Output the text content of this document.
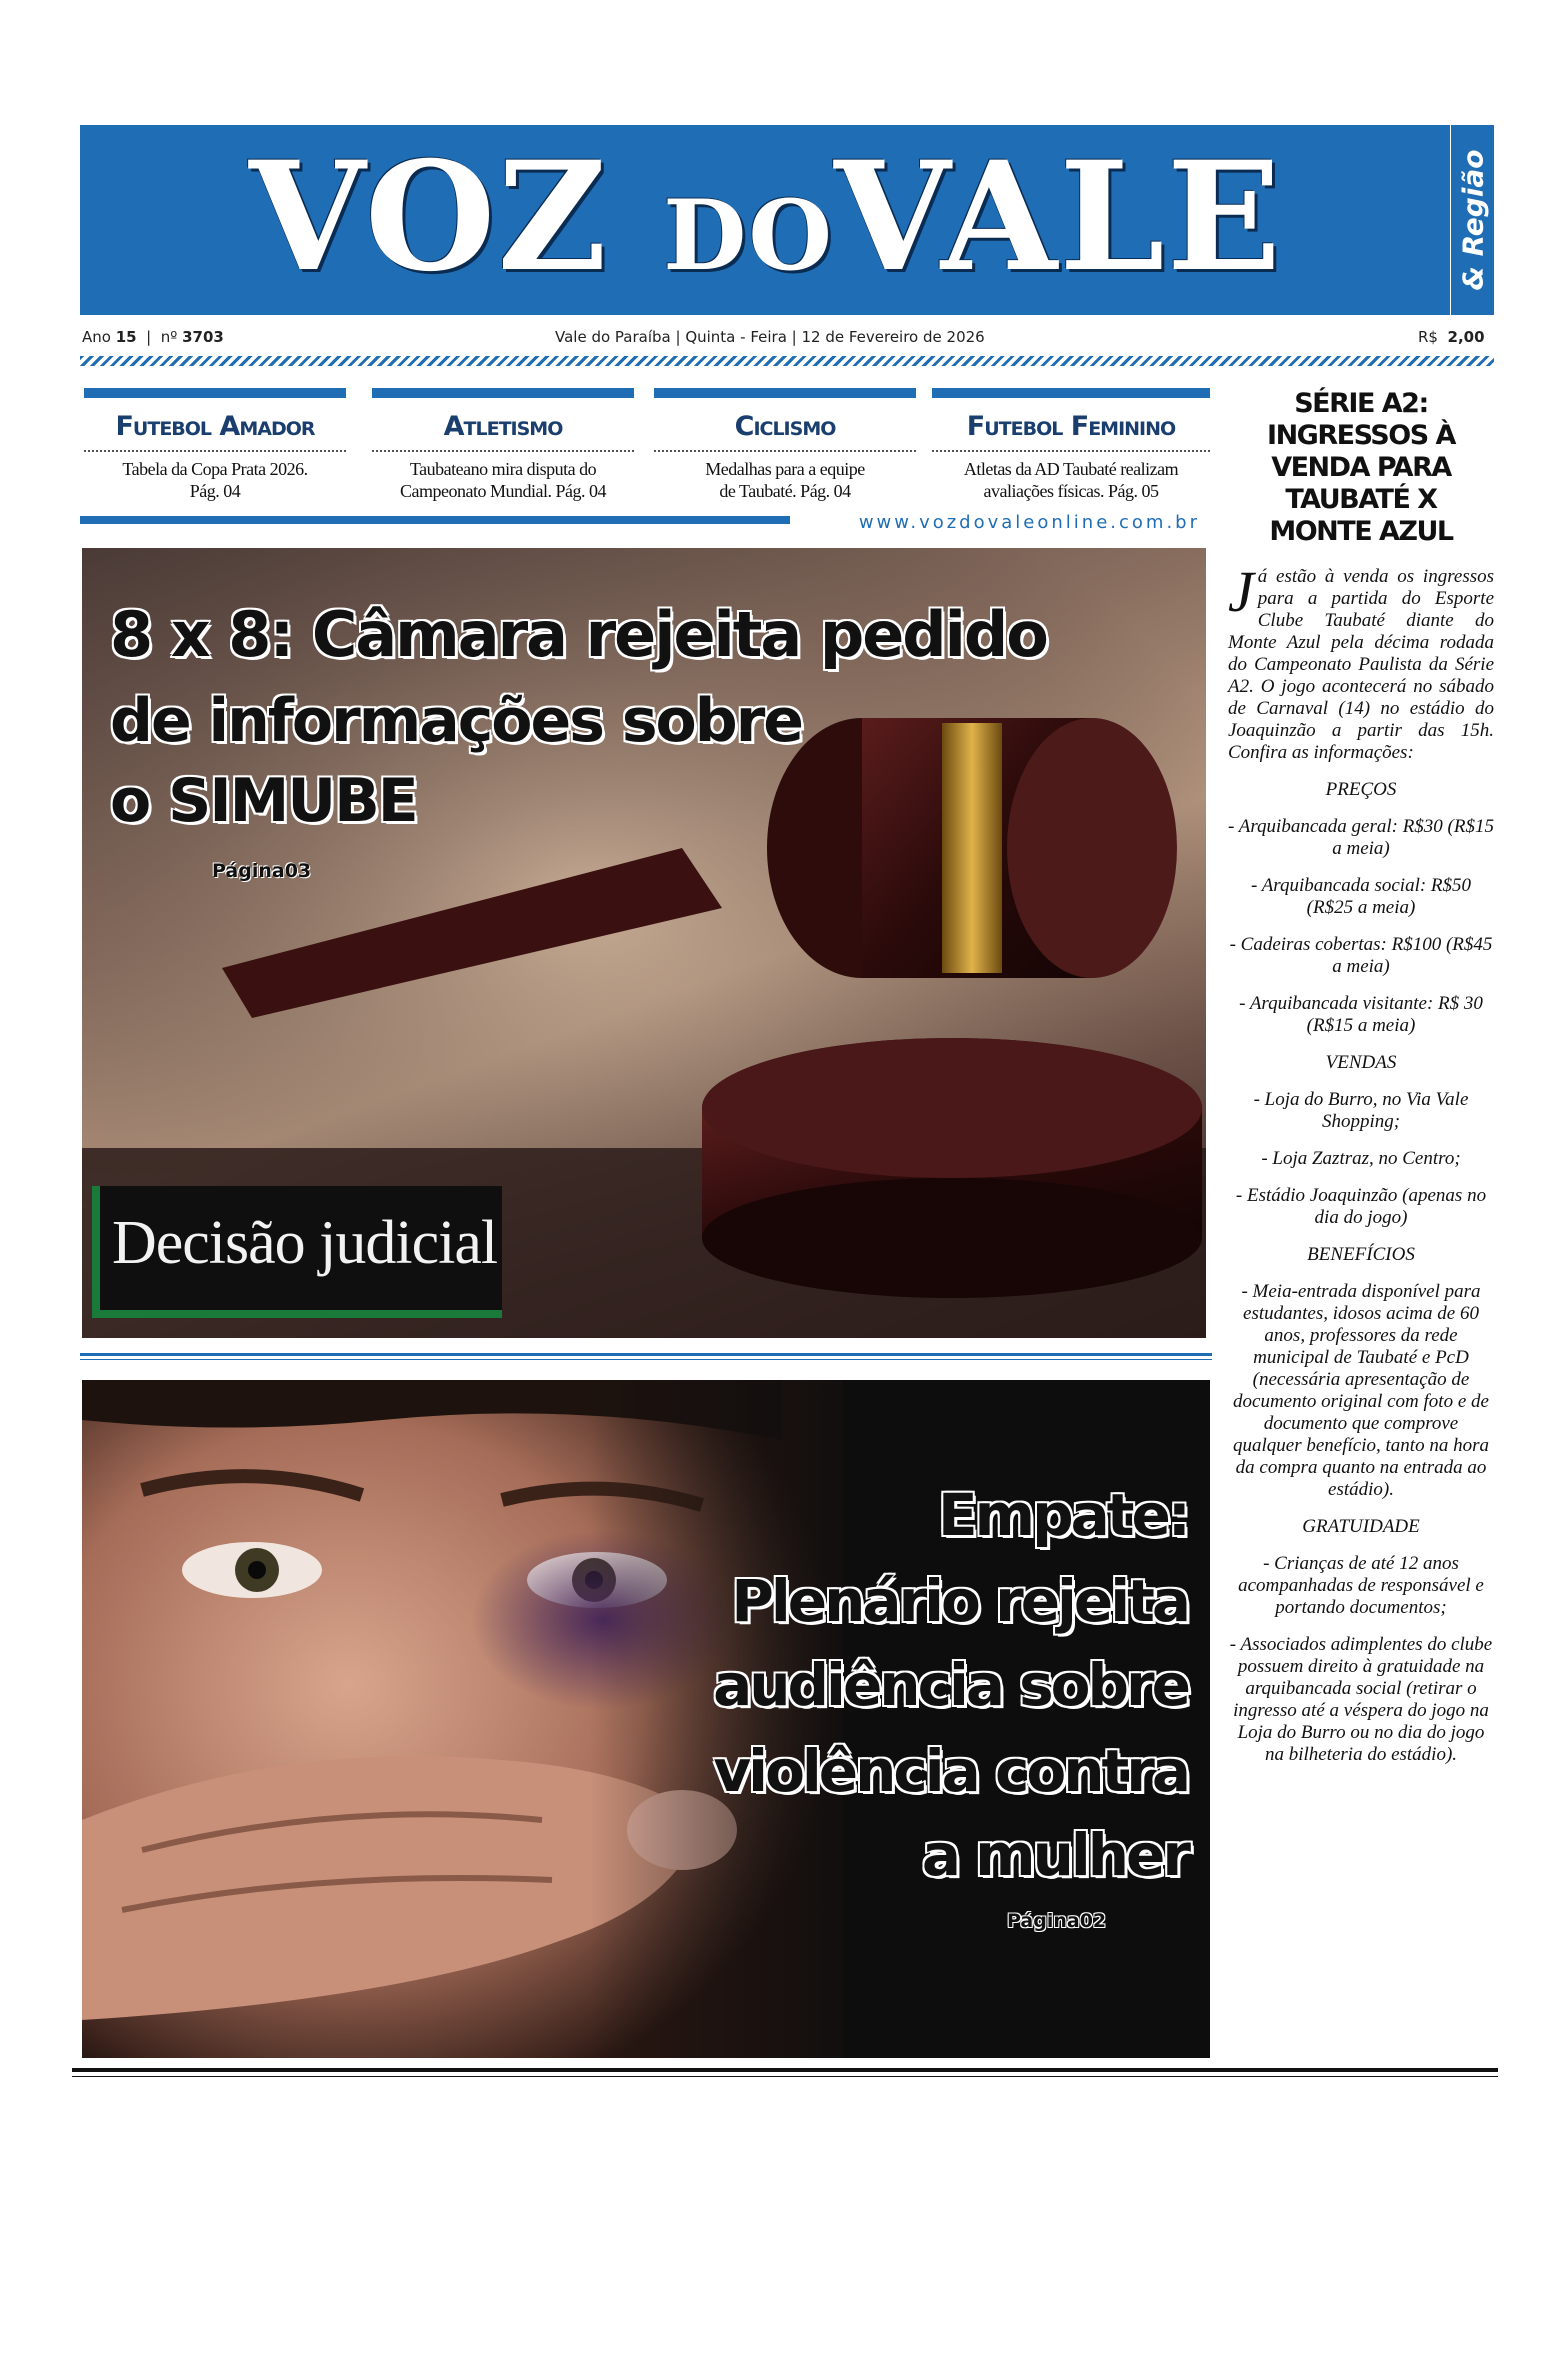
VOZ DOVALE	& Região
Ano 15  |  nº 3703	Vale do Paraíba | Quinta - Feira | 12 de Fevereiro de 2026	R$ 2,00
Futebol Amador
Tabela da Copa Prata 2026.
Pág. 04
Atletismo
Taubateano mira disputa do
Campeonato Mundial. Pág. 04
Ciclismo
Medalhas para a equipe
de Taubaté. Pág. 04
Futebol Feminino
Atletas da AD Taubaté realizam
avaliações físicas. Pág. 05
www.vozdovaleonline.com.br
SÉRIE A2:
INGRESSOS À
VENDA PARA
TAUBATÉ X
MONTE AZUL
Já estão à venda os ingressos para a partida do Esporte Clube Taubaté diante do Monte Azul pela décima rodada do Campeonato Paulista da Série A2. O jogo acontecerá no sábado de Carnaval (14) no estádio do Joaquinzão a partir das 15h. Confira as informações:
PREÇOS
- Arquibancada geral: R$30 (R$15 a meia)
- Arquibancada social: R$50 (R$25 a meia)
- Cadeiras cobertas: R$100 (R$45 a meia)
- Arquibancada visitante: R$ 30 (R$15 a meia)
VENDAS
- Loja do Burro, no Via Vale Shopping;
- Loja Zaztraz, no Centro;
- Estádio Joaquinzão (apenas no dia do jogo)
BENEFÍCIOS
- Meia-entrada disponível para estudantes, idosos acima de 60 anos, professores da rede municipal de Taubaté e PcD (necessária apresentação de documento original com foto e de documento que comprove qualquer benefício, tanto na hora da compra quanto na entrada ao estádio).
GRATUIDADE
- Crianças de até 12 anos acompanhadas de responsável e portando documentos;
- Associados adimplentes do clube possuem direito à gratuidade na arquibancada social (retirar o ingresso até a véspera do jogo na Loja do Burro ou no dia do jogo na bilheteria do estádio).
8 x 8: Câmara rejeita pedido
de informações sobre
o SIMUBE
Página03
Decisão judicial
Empate:
Plenário rejeita
audiência sobre
violência contra
a mulher
Página02
